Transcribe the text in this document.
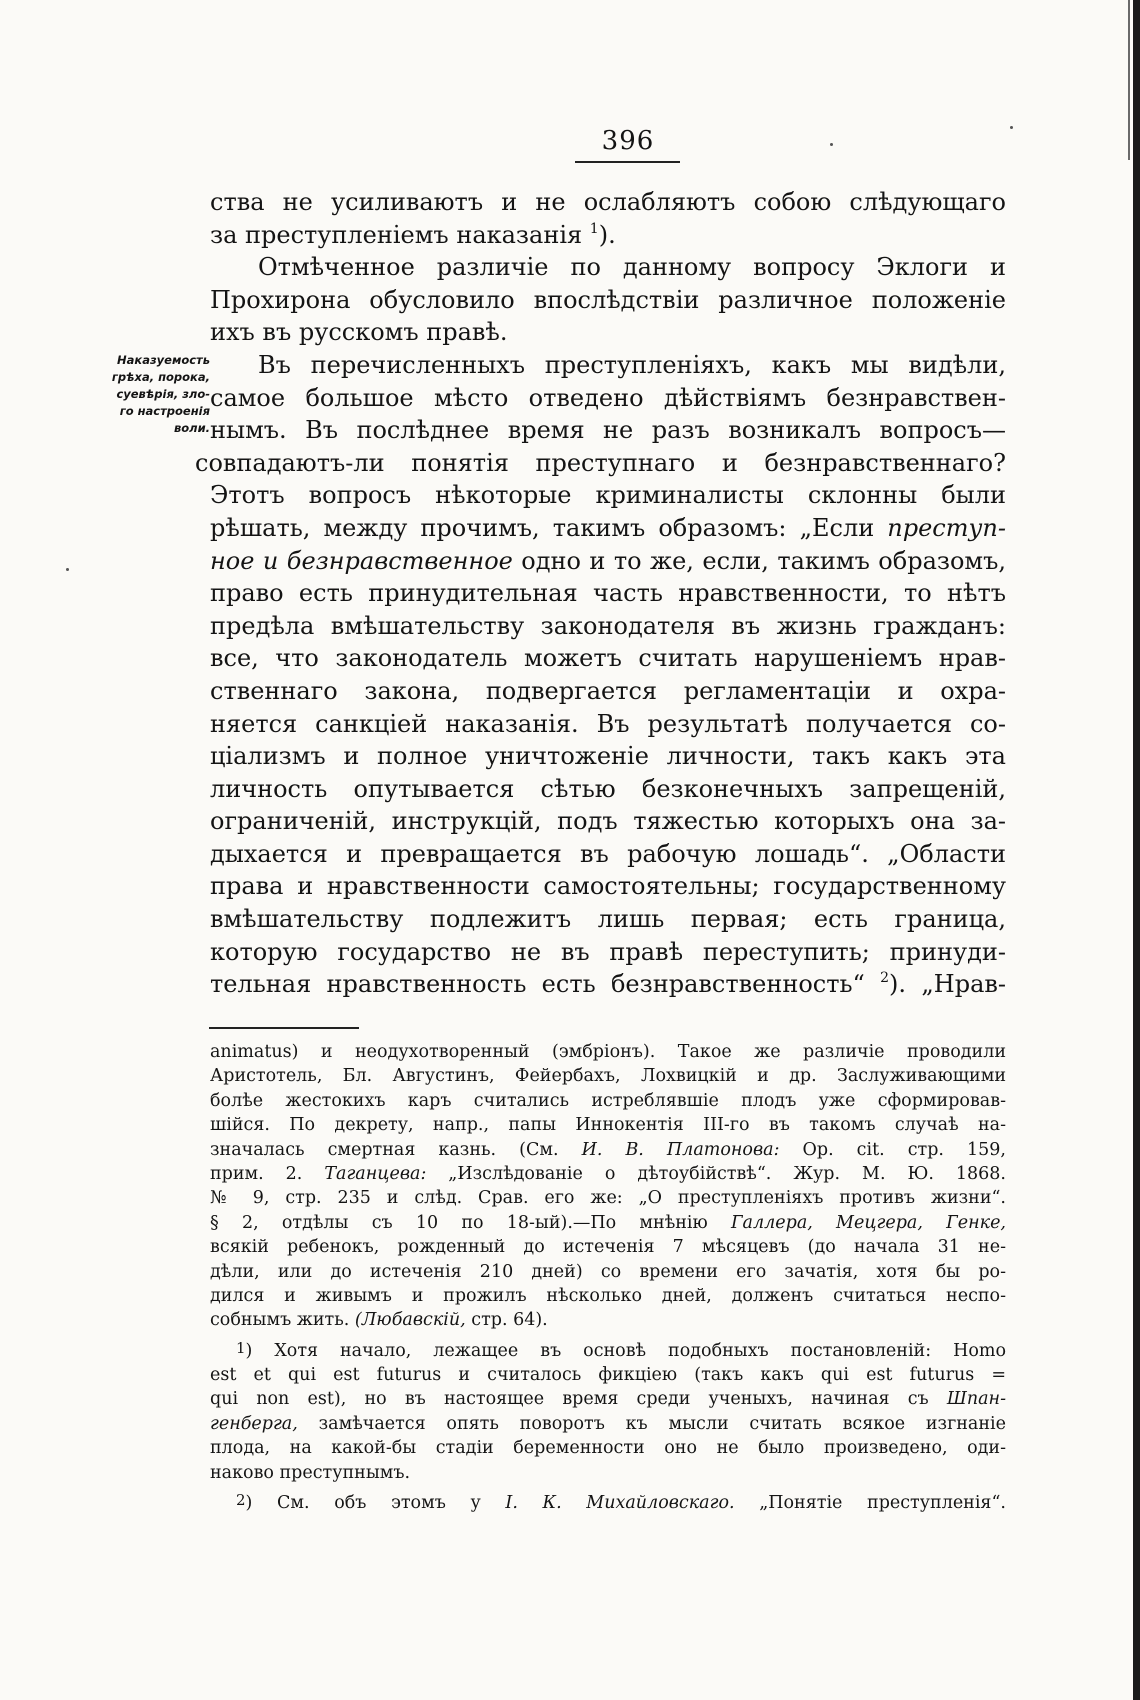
396
Наказуемость
грѣха, порока,
суевѣрія, зло-
го настроенія
воли.
ства не усиливаютъ и не ослабляютъ собою слѣдующаго
за преступленіемъ наказанія $^1$).
Отмѣченное различіе по данному вопросу Эклоги и
Прохирона обусловило впослѣдствіи различное положеніе
ихъ въ русскомъ правѣ.
Въ перечисленныхъ преступленіяхъ, какъ мы видѣли,
самое большое мѣсто отведено дѣйствіямъ безнравствен-
нымъ. Въ послѣднее время не разъ возникалъ вопросъ—
совпадаютъ-ли понятія преступнаго и безнравственнаго?
Этотъ вопросъ нѣкоторые криминалисты склонны были
рѣшать, между прочимъ, такимъ образомъ: „Если преступ-
ное и безнравственное одно и то же, если, такимъ образомъ,
право есть принудительная часть нравственности, то нѣтъ
предѣла вмѣшательству законодателя въ жизнь гражданъ:
все, что законодатель можетъ считать нарушеніемъ нрав-
ственнаго закона, подвергается регламентаціи и охра-
няется санкціей наказанія. Въ результатѣ получается со-
ціализмъ и полное уничтоженіе личности, такъ какъ эта
личность опутывается сѣтью безконечныхъ запрещеній,
ограниченій, инструкцій, подъ тяжестью которыхъ она за-
дыхается и превращается въ рабочую лошадь“. „Области
права и нравственности самостоятельны; государственному
вмѣшательству подлежитъ лишь первая; есть граница,
которую государство не въ правѣ переступить; принуди-
тельная нравственность есть безнравственность“ $^2$). „Нрав-
animatus) и неодухотворенный (эмбріонъ). Такое же различіе проводили
Аристотель, Бл. Августинъ, Фейербахъ, Лохвицкій и др. Заслуживающими
болѣе жестокихъ каръ считались истреблявшіе плодъ уже сформировав-
шійся. По декрету, напр., папы Иннокентія III-го въ такомъ случаѣ на-
значалась смертная казнь. (См. И. В. Платонова: Op. cit. стр. 159,
прим. 2. Таганцева: „Изслѣдованіе о дѣтоубійствѣ“. Жур. М. Ю. 1868.
№ 9, стр. 235 и слѣд. Срав. его же: „О преступленіяхъ противъ жизни“.
§ 2, отдѣлы съ 10 по 18-ый).—По мнѣнію Галлера, Мецгера, Генке,
всякій ребенокъ, рожденный до истеченія 7 мѣсяцевъ (до начала 31 не-
дѣли, или до истеченія 210 дней) со времени его зачатія, хотя бы ро-
дился и живымъ и прожилъ нѣсколько дней, долженъ считаться неспо-
собнымъ жить. (Любавскій, стр. 64).
$^1$) Хотя начало, лежащее въ основѣ подобныхъ постановленій: Homo
est et qui est futurus и считалось фикціею (такъ какъ qui est futurus =
qui non est), но въ настоящее время среди ученыхъ, начиная съ Шпан-
генберга, замѣчается опять поворотъ къ мысли считать всякое изгнаніе
плода, на какой-бы стадіи беременности оно не было произведено, оди-
наково преступнымъ.
$^2$) См. объ этомъ у І. К. Михайловскаго. „Понятіе преступленія“.
